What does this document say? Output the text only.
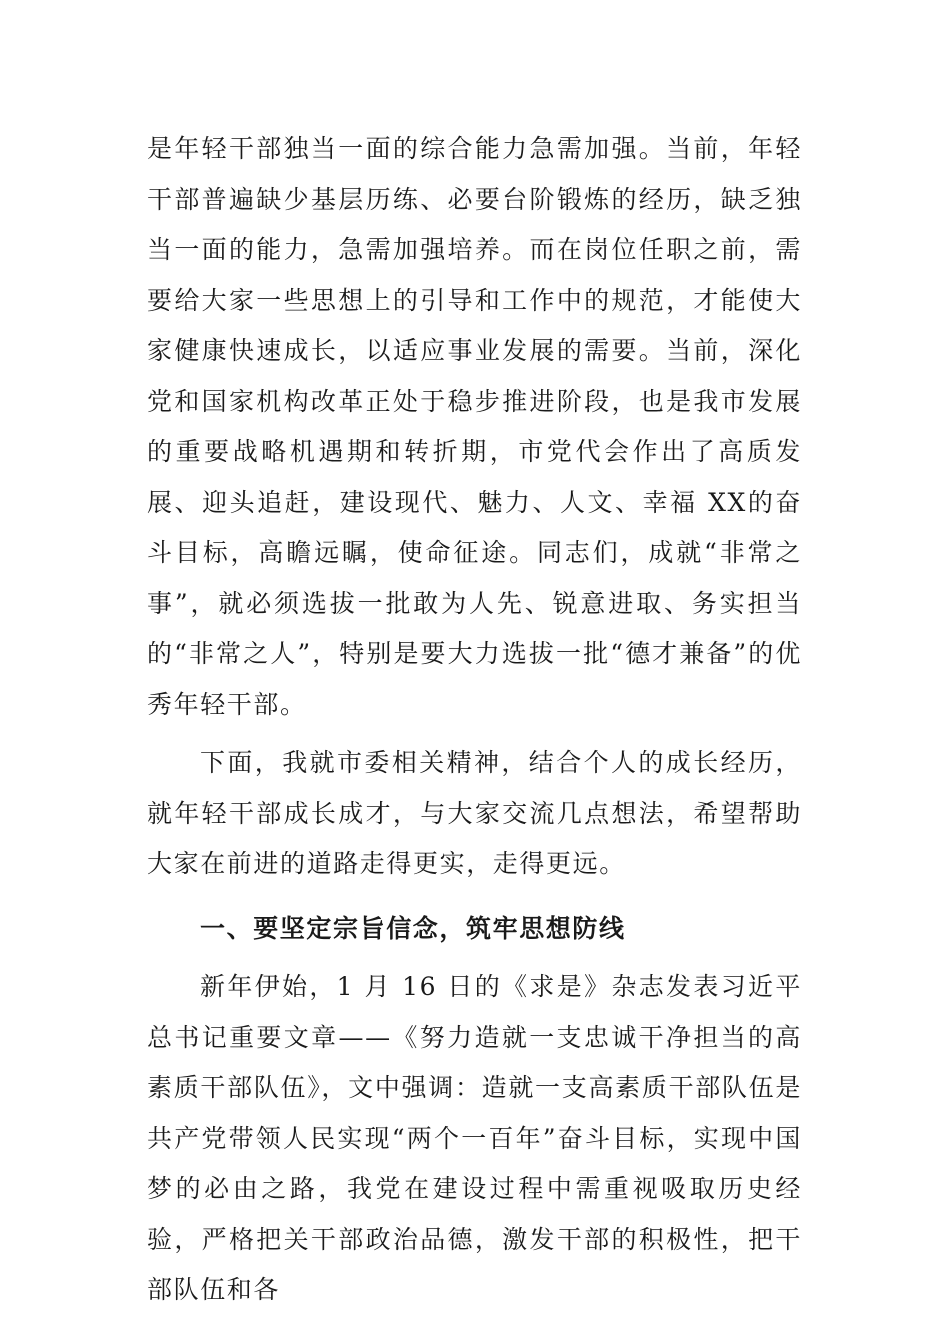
是年轻干部独当一面的综合能力急需加强。当前，年轻干部普遍缺少基层历练、必要台阶锻炼的经历，缺乏独当一面的能力，急需加强培养。而在岗位任职之前，需要给大家一些思想上的引导和工作中的规范，才能使大家健康快速成长，以适应事业发展的需要。当前，深化党和国家机构改革正处于稳步推进阶段，也是我市发展的重要战略机遇期和转折期，市党代会作出了高质发展、迎头追赶，建设现代、魅力、人文、幸福 XX的奋斗目标，高瞻远瞩，使命征途。同志们，成就“非常之事”，就必须选拔一批敢为人先、锐意进取、务实担当的“非常之人”，特别是要大力选拔一批“德才兼备”的优秀年轻干部。

下面，我就市委相关精神，结合个人的成长经历，就年轻干部成长成才，与大家交流几点想法，希望帮助大家在前进的道路走得更实，走得更远。

一、要坚定宗旨信念，筑牢思想防线

新年伊始，1 月 16 日的《求是》杂志发表习近平总书记重要文章——《努力造就一支忠诚干净担当的高素质干部队伍》，文中强调：造就一支高素质干部队伍是共产党带领人民实现“两个一百年”奋斗目标，实现中国梦的必由之路，我党在建设过程中需重视吸取历史经验，严格把关干部政治品德，激发干部的积极性，把干部队伍和各
